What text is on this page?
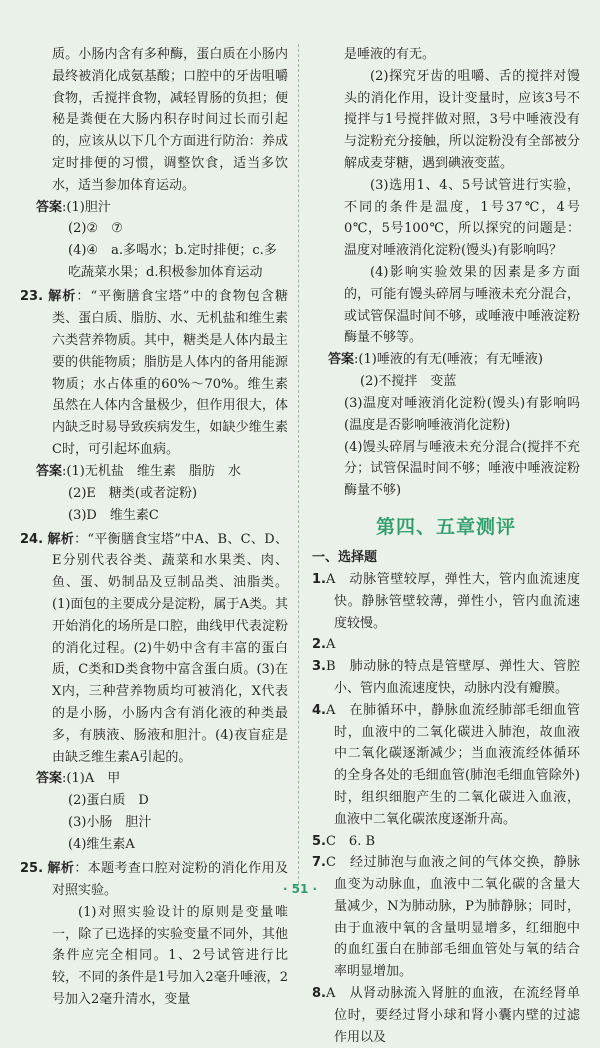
质。小肠内含有多种酶，蛋白质在小肠内最终被消化成氨基酸；口腔中的牙齿咀嚼食物，舌搅拌食物，减轻胃肠的负担；便秘是粪便在大肠内积存时间过长而引起的，应该从以下几个方面进行防治：养成定时排便的习惯，调整饮食，适当多饮水，适当参加体育运动。

答案:(1)胆汁

(2)②　⑦

(4)④　a.多喝水；b.定时排便；c.多吃蔬菜水果；d.积极参加体育运动

23. 解析：“平衡膳食宝塔”中的食物包含糖类、蛋白质、脂肪、水、无机盐和维生素六类营养物质。其中，糖类是人体内最主要的供能物质；脂肪是人体内的备用能源物质；水占体重的60%～70%。维生素虽然在人体内含量极少，但作用很大，体内缺乏时易导致疾病发生，如缺少维生素C时，可引起坏血病。

答案:(1)无机盐　维生素　脂肪　水

(2)E　糖类(或者淀粉)

(3)D　维生素C

24. 解析：“平衡膳食宝塔”中A、B、C、D、E分别代表谷类、蔬菜和水果类、肉、鱼、蛋、奶制品及豆制品类、油脂类。(1)面包的主要成分是淀粉，属于A类。其开始消化的场所是口腔，曲线甲代表淀粉的消化过程。(2)牛奶中含有丰富的蛋白质，C类和D类食物中富含蛋白质。(3)在X内，三种营养物质均可被消化，X代表的是小肠，小肠内含有消化液的种类最多，有胰液、肠液和胆汁。(4)夜盲症是由缺乏维生素A引起的。

答案:(1)A　甲

(2)蛋白质　D

(3)小肠　胆汁

(4)维生素A

25. 解析：本题考查口腔对淀粉的消化作用及对照实验。

(1)对照实验设计的原则是变量唯一，除了已选择的实验变量不同外，其他条件应完全相同。1、2号试管进行比较，不同的条件是1号加入2毫升唾液，2号加入2毫升清水，变量

是唾液的有无。

(2)探究牙齿的咀嚼、舌的搅拌对馒头的消化作用，设计变量时，应该3号不搅拌与1号搅拌做对照，3号中唾液没有与淀粉充分接触，所以淀粉没有全部被分解成麦芽糖，遇到碘液变蓝。

(3)选用1、4、5号试管进行实验，不同的条件是温度，1号37℃，4号0℃，5号100℃，所以探究的问题是：温度对唾液消化淀粉(馒头)有影响吗？

(4)影响实验效果的因素是多方面的，可能有馒头碎屑与唾液未充分混合，或试管保温时间不够，或唾液中唾液淀粉酶量不够等。

答案:(1)唾液的有无(唾液；有无唾液)

(2)不搅拌　变蓝

(3)温度对唾液消化淀粉(馒头)有影响吗(温度是否影响唾液消化淀粉)

(4)馒头碎屑与唾液未充分混合(搅拌不充分；试管保温时间不够；唾液中唾液淀粉酶量不够)

第四、五章测评

一、选择题

1.A　动脉管壁较厚，弹性大，管内血流速度快。静脉管壁较薄，弹性小，管内血流速度较慢。

2.A

3.B　肺动脉的特点是管壁厚、弹性大、管腔小、管内血流速度快，动脉内没有瓣膜。

4.A　在肺循环中，静脉血流经肺部毛细血管时，血液中的二氧化碳进入肺泡，故血液中二氧化碳逐渐减少；当血液流经体循环的全身各处的毛细血管(肺泡毛细血管除外)时，组织细胞产生的二氧化碳进入血液，血液中二氧化碳浓度逐渐升高。

5.C　6. B

7.C　经过肺泡与血液之间的气体交换，静脉血变为动脉血，血液中二氧化碳的含量大量减少，N为肺动脉，P为肺静脉；同时，由于血液中氧的含量明显增多，红细胞中的血红蛋白在肺部毛细血管处与氧的结合率明显增加。

8.A　从肾动脉流入肾脏的血液，在流经肾单位时，要经过肾小球和肾小囊内壁的过滤作用以及

· 51 ·
